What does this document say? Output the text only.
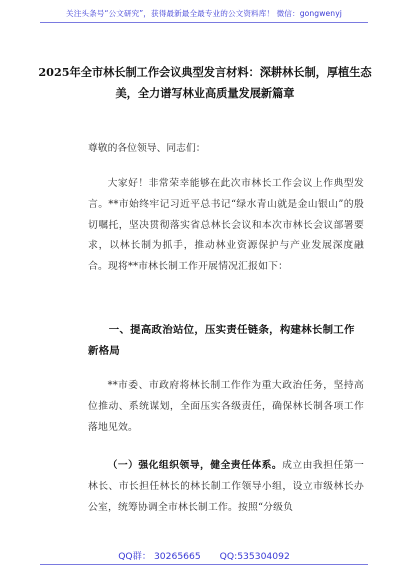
关注头条号“公文研究”，获得最新最全最专业的公文资料库！ 微信：gongwenyj
2025年全市林长制工作会议典型发言材料：深耕林长制，厚植生态美，全力谱写林业高质量发展新篇章
尊敬的各位领导、同志们：
大家好！非常荣幸能够在此次市林长工作会议上作典型发言。**市始终牢记习近平总书记“绿水青山就是金山银山”的殷切嘱托，坚决贯彻落实省总林长会议和本次市林长会议部署要求，以林长制为抓手，推动林业资源保护与产业发展深度融合。现将**市林长制工作开展情况汇报如下：
一、提高政治站位，压实责任链条，构建林长制工作新格局
**市委、市政府将林长制工作作为重大政治任务，坚持高位推动、系统谋划，全面压实各级责任，确保林长制各项工作落地见效。
（一）强化组织领导，健全责任体系。成立由我担任第一林长、市长担任林长的林长制工作领导小组，设立市级林长办公室，统筹协调全市林长制工作。按照“分级负
QQ群： 30265665 QQ:535304092
